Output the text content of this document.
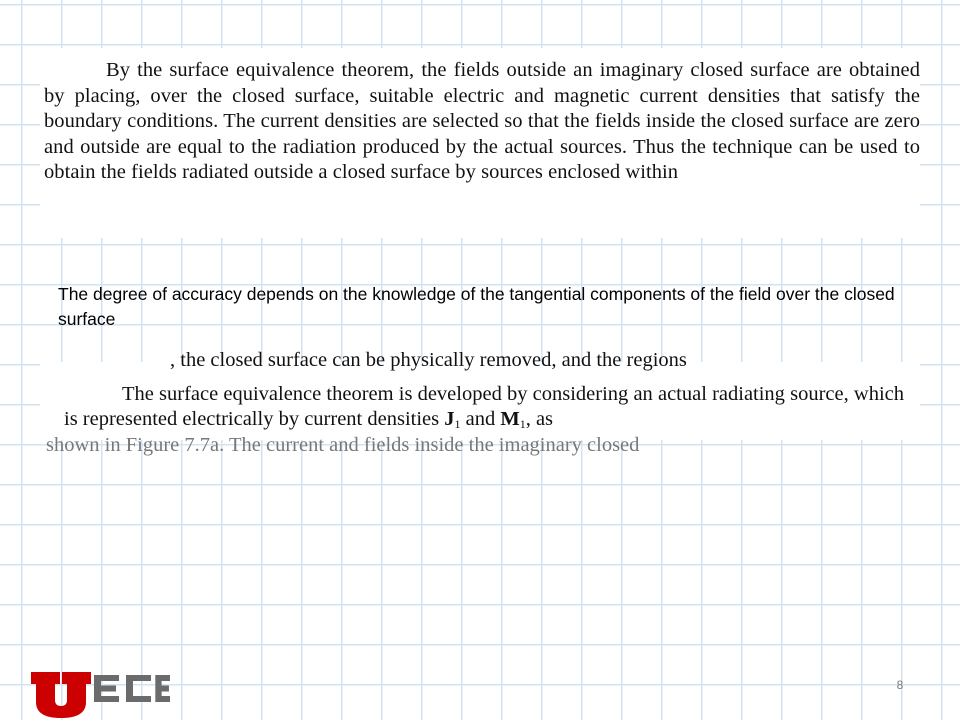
By the surface equivalence theorem, the fields outside an imaginary closed surface are obtained by placing, over the closed surface, suitable electric and magnetic current densities that satisfy the boundary conditions. The current densities are selected so that the fields inside the closed surface are zero and outside are equal to the radiation produced by the actual sources. Thus the technique can be used to obtain the fields radiated outside a closed surface by sources enclosed within

The degree of accuracy depends on the knowledge of the tangential components of the field over the closed surface

, the closed surface can be physically removed, and the regions

The surface equivalence theorem is developed by considering an actual radiating source, which is represented electrically by current densities $J_1$ and $M_1$, as

shown in Figure 7.7a. The current and fields inside the imaginary closed
8
